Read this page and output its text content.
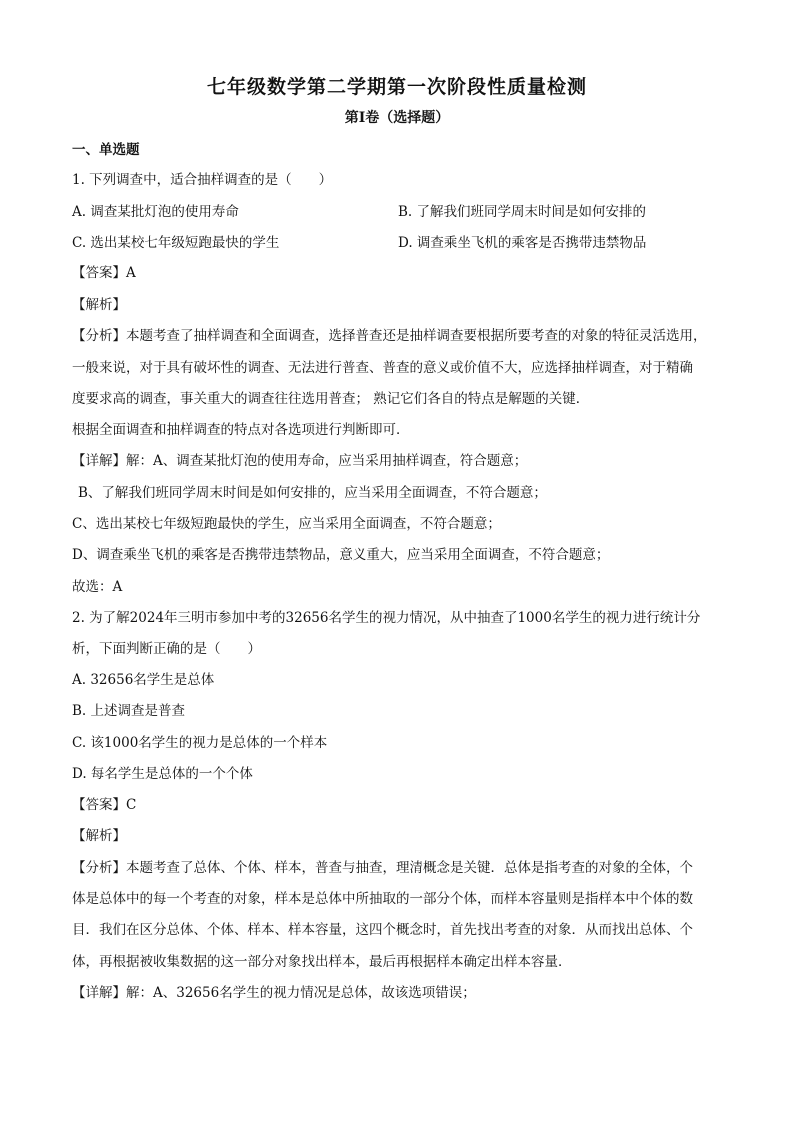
七年级数学第二学期第一次阶段性质量检测
第Ⅰ卷（选择题）
一、单选题
1. 下列调查中，适合抽样调查的是（　　）
A. 调查某批灯泡的使用寿命	B. 了解我们班同学周末时间是如何安排的
C. 选出某校七年级短跑最快的学生	D. 调查乘坐飞机的乘客是否携带违禁物品
【答案】A
【解析】
【分析】本题考查了抽样调查和全面调查，选择普查还是抽样调查要根据所要考查的对象的特征灵活选用，
一般来说，对于具有破坏性的调查、无法进行普查、普查的意义或价值不大，应选择抽样调查，对于精确
度要求高的调查，事关重大的调查往往选用普查； 熟记它们各自的特点是解题的关键．
根据全面调查和抽样调查的特点对各选项进行判断即可．
【详解】解：A、调查某批灯泡的使用寿命，应当采用抽样调查，符合题意；
B、了解我们班同学周末时间是如何安排的，应当采用全面调查，不符合题意；
C、选出某校七年级短跑最快的学生，应当采用全面调查，不符合题意；
D、调查乘坐飞机的乘客是否携带违禁物品，意义重大，应当采用全面调查，不符合题意；
故选：A
2. 为了解2024年三明市参加中考的32656名学生的视力情况，从中抽查了1000名学生的视力进行统计分
析，下面判断正确的是（　　）
A. 32656名学生是总体
B. 上述调查是普查
C. 该1000名学生的视力是总体的一个样本
D. 每名学生是总体的一个个体
【答案】C
【解析】
【分析】本题考查了总体、个体、样本，普查与抽查，理清概念是关键．总体是指考查的对象的全体，个
体是总体中的每一个考查的对象，样本是总体中所抽取的一部分个体，而样本容量则是指样本中个体的数
目．我们在区分总体、个体、样本、样本容量，这四个概念时，首先找出考查的对象．从而找出总体、个
体，再根据被收集数据的这一部分对象找出样本，最后再根据样本确定出样本容量．
【详解】解：A、32656名学生的视力情况是总体，故该选项错误；
